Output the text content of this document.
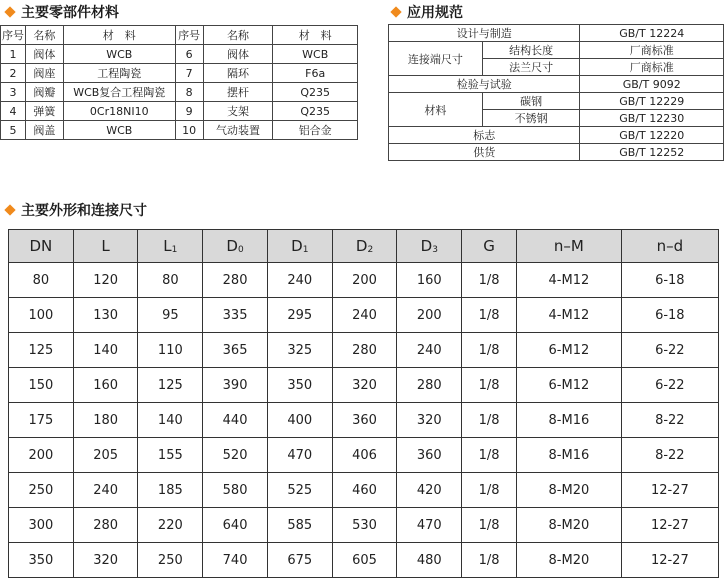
主要零部件材料	应用规范
序号	名称	材　料	序号	名称	材　料
1	阀体	WCB	6	阀体	WCB
2	阀座	工程陶瓷	7	隔环	F6a
3	阀瓣	WCB复合工程陶瓷	8	摆杆	Q235
4	弹簧	0Cr18NI10	9	支架	Q235
5	阀盖	WCB	10	气动装置	铝合金
设计与制造		GB/T 12224
连接端尺寸	结构长度	厂商标准
	法兰尺寸	厂商标准
检验与试验		GB/T 9092
材料	碳钢	GB/T 12229
	不锈钢	GB/T 12230
标志		GB/T 12220
供货		GB/T 12252
主要外形和连接尺寸
DN	L	$L_1$	$D_0$	$D_1$	$D_2$	$D_3$	G	n–M	n–d
80	120	80	280	240	200	160	1/8	4-M12	6-18
100	130	95	335	295	240	200	1/8	4-M12	6-18
125	140	110	365	325	280	240	1/8	6-M12	6-22
150	160	125	390	350	320	280	1/8	6-M12	6-22
175	180	140	440	400	360	320	1/8	8-M16	8-22
200	205	155	520	470	406	360	1/8	8-M16	8-22
250	240	185	580	525	460	420	1/8	8-M20	12-27
300	280	220	640	585	530	470	1/8	8-M20	12-27
350	320	250	740	675	605	480	1/8	8-M20	12-27
